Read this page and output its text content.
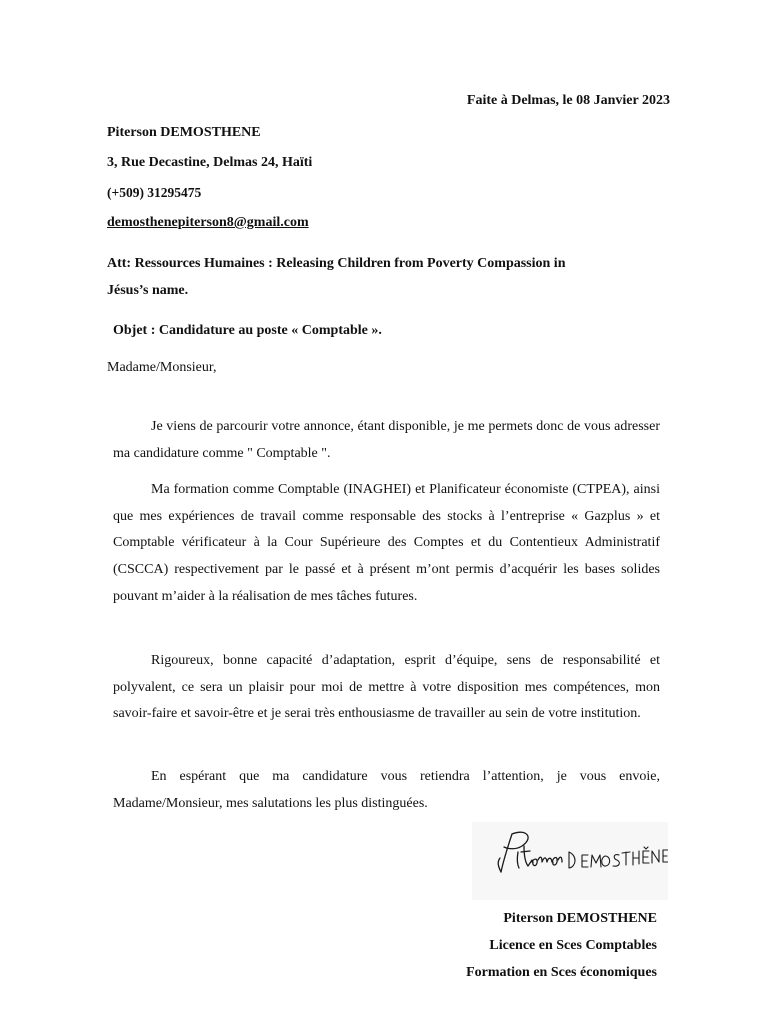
Faite à Delmas, le 08 Janvier 2023
Piterson DEMOSTHENE
3, Rue Decastine, Delmas 24, Haïti
(+509) 31295475
demosthenepiterson8@gmail.com
Att: Ressources Humaines : Releasing Children from Poverty Compassion in
Jésus’s name.
Objet : Candidature au poste « Comptable ».
Madame/Monsieur,
Je viens de parcourir votre annonce, étant disponible, je me permets donc de vous adresser ma candidature comme " Comptable ".
Ma formation comme Comptable (INAGHEI) et Planificateur économiste (CTPEA), ainsi que mes expériences de travail comme responsable des stocks à l’entreprise « Gazplus » et Comptable vérificateur à la Cour Supérieure des Comptes et du Contentieux Administratif (CSCCA) respectivement par le passé et à présent m’ont permis d’acquérir les bases solides pouvant m’aider à la réalisation de mes tâches futures.
Rigoureux, bonne capacité d’adaptation, esprit d’équipe, sens de responsabilité et polyvalent, ce sera un plaisir pour moi de mettre à votre disposition mes compétences, mon savoir-faire et savoir-être et je serai très enthousiasme de travailler au sein de votre institution.
En espérant que ma candidature vous retiendra l’attention, je vous envoie, Madame/Monsieur, mes salutations les plus distinguées.
Piterson DEMOSTHENE
Licence en Sces Comptables
Formation en Sces économiques
